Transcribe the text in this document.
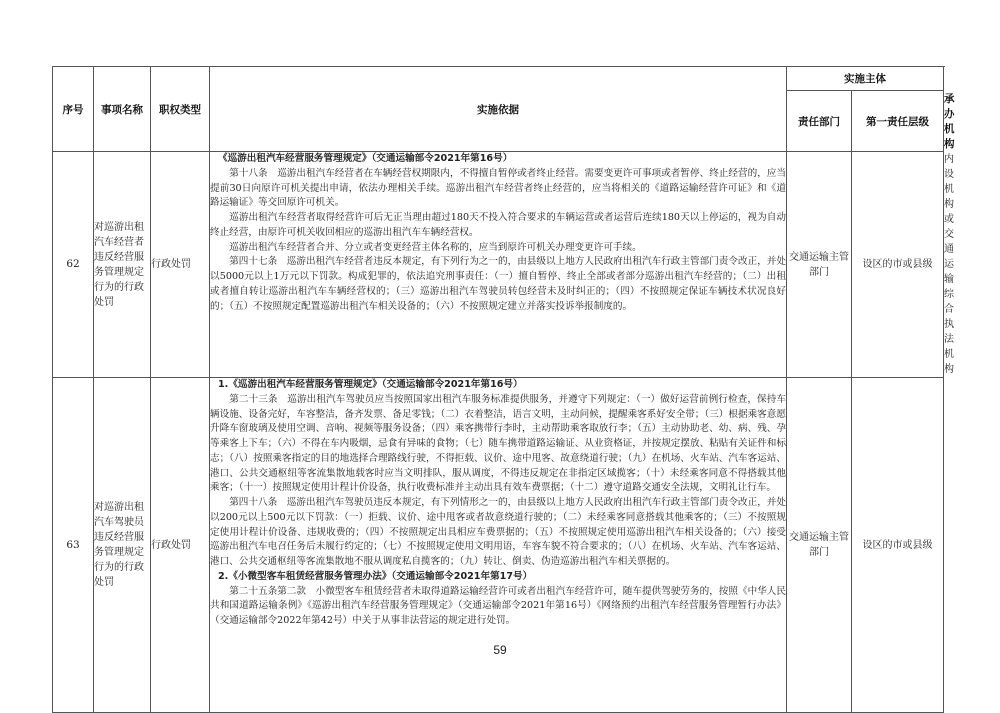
序号	事项名称	职权类型	实施依据	实施主体		
				责任部门	第一责任层级	承办机构
62	对巡游出租汽车经营者违反经营服务管理规定行为的行政处罚	行政处罚	《巡游出租汽车经营服务管理规定》（交通运输部令2021年第16号）

第十八条　巡游出租汽车经营者在车辆经营权期限内，不得擅自暂停或者终止经营。需要变更许可事项或者暂停、终止经营的，应当提前30日向原许可机关提出申请，依法办理相关手续。巡游出租汽车经营者终止经营的，应当将相关的《道路运输经营许可证》和《道路运输证》等交回原许可机关。

巡游出租汽车经营者取得经营许可后无正当理由超过180天不投入符合要求的车辆运营或者运营后连续180天以上停运的，视为自动终止经营，由原许可机关收回相应的巡游出租汽车车辆经营权。

巡游出租汽车经营者合并、分立或者变更经营主体名称的，应当到原许可机关办理变更许可手续。

第四十七条　巡游出租汽车经营者违反本规定，有下列行为之一的，由县级以上地方人民政府出租汽车行政主管部门责令改正，并处以5000元以上1万元以下罚款。构成犯罪的，依法追究刑事责任：（一）擅自暂停、终止全部或者部分巡游出租汽车经营的；（二）出租或者擅自转让巡游出租汽车车辆经营权的；（三）巡游出租汽车驾驶员转包经营未及时纠正的；（四）不按照规定保证车辆技术状况良好的；（五）不按照规定配置巡游出租汽车相关设备的；（六）不按照规定建立并落实投诉举报制度的。	交通运输主管部门	设区的市或县级	内设机构或交通运输综合执法机构
63	对巡游出租汽车驾驶员违反经营服务管理规定行为的行政处罚	行政处罚	1.《巡游出租汽车经营服务管理规定》（交通运输部令2021年第16号）

第二十三条　巡游出租汽车驾驶员应当按照国家出租汽车服务标准提供服务，并遵守下列规定：（一）做好运营前例行检查，保持车辆设施、设备完好，车容整洁，备齐发票、备足零钱；（二）衣着整洁，语言文明，主动问候，提醒乘客系好安全带；（三）根据乘客意愿升降车窗玻璃及使用空调、音响、视频等服务设备；（四）乘客携带行李时，主动帮助乘客取放行李；（五）主动协助老、幼、病、残、孕等乘客上下车；（六）不得在车内吸烟，忌食有异味的食物；（七）随车携带道路运输证、从业资格证，并按规定摆放、粘贴有关证件和标志；（八）按照乘客指定的目的地选择合理路线行驶，不得拒载、议价、途中甩客、故意绕道行驶；（九）在机场、火车站、汽车客运站、港口、公共交通枢纽等客流集散地载客时应当文明排队，服从调度，不得违反规定在非指定区域揽客；（十）未经乘客同意不得搭载其他乘客；（十一）按照规定使用计程计价设备，执行收费标准并主动出具有效车费票据；（十二）遵守道路交通安全法规，文明礼让行车。

第四十八条　巡游出租汽车驾驶员违反本规定，有下列情形之一的，由县级以上地方人民政府出租汽车行政主管部门责令改正，并处以200元以上500元以下罚款：（一）拒载、议价、途中甩客或者故意绕道行驶的；（二）未经乘客同意搭载其他乘客的；（三）不按照规定使用计程计价设备、违规收费的；（四）不按照规定出具相应车费票据的；（五）不按照规定使用巡游出租汽车相关设备的；（六）接受巡游出租汽车电召任务后未履行约定的；（七）不按照规定使用文明用语，车容车貌不符合要求的；（八）在机场、火车站、汽车客运站、港口、公共交通枢纽等客流集散地不服从调度私自揽客的；（九）转让、倒卖、伪造巡游出租汽车相关票据的。

2.《小微型客车租赁经营服务管理办法》（交通运输部令2021年第17号）

第二十五条第二款　小微型客车租赁经营者未取得道路运输经营许可或者出租汽车经营许可，随车提供驾驶劳务的，按照《中华人民共和国道路运输条例》《巡游出租汽车经营服务管理规定》（交通运输部令2021年第16号）《网络预约出租汽车经营服务管理暂行办法》（交通运输部令2022年第42号）中关于从事非法营运的规定进行处罚。	交通运输主管部门	设区的市或县级	
59
